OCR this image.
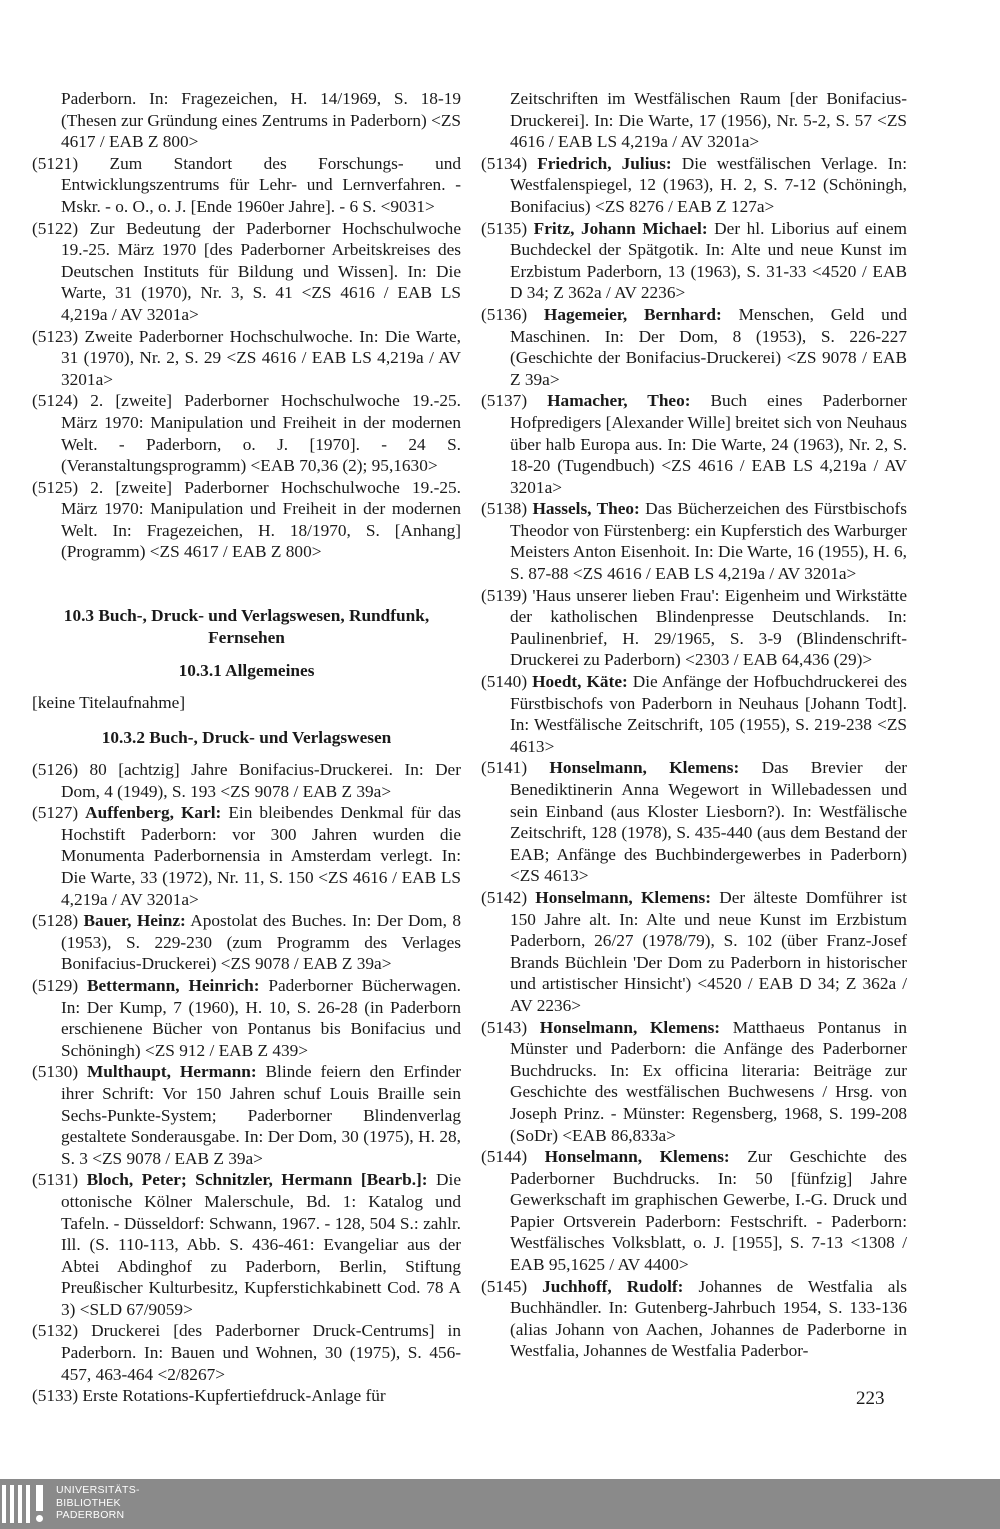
Paderborn. In: Fragezeichen, H. 14/1969, S. 18-19 (Thesen zur Gründung eines Zentrums in Paderborn) <ZS 4617 / EAB Z 800>

(5121) Zum Standort des Forschungs- und Entwicklungszentrums für Lehr- und Lernverfahren. - Mskr. - o. O., o. J. [Ende 1960er Jahre]. - 6 S. <9031>

(5122) Zur Bedeutung der Paderborner Hochschulwoche 19.-25. März 1970 [des Paderborner Arbeitskreises des Deutschen Instituts für Bildung und Wissen]. In: Die Warte, 31 (1970), Nr. 3, S. 41 <ZS 4616 / EAB LS 4,219a / AV 3201a>

(5123) Zweite Paderborner Hochschulwoche. In: Die Warte, 31 (1970), Nr. 2, S. 29 <ZS 4616 / EAB LS 4,219a / AV 3201a>

(5124) 2. [zweite] Paderborner Hochschulwoche 19.-25. März 1970: Manipulation und Freiheit in der modernen Welt. - Paderborn, o. J. [1970]. - 24 S. (Veranstaltungsprogramm) <EAB 70,36 (2); 95,1630>

(5125) 2. [zweite] Paderborner Hochschulwoche 19.-25. März 1970: Manipulation und Freiheit in der modernen Welt. In: Fragezeichen, H. 18/1970, S. [Anhang] (Programm) <ZS 4617 / EAB Z 800>

10.3 Buch-, Druck- und Verlagswesen, Rundfunk, Fernsehen

10.3.1 Allgemeines

[keine Titelaufnahme]

10.3.2 Buch-, Druck- und Verlagswesen

(5126) 80 [achtzig] Jahre Bonifacius-Druckerei. In: Der Dom, 4 (1949), S. 193 <ZS 9078 / EAB Z 39a>

(5127) Auffenberg, Karl: Ein bleibendes Denkmal für das Hochstift Paderborn: vor 300 Jahren wurden die Monumenta Paderbornensia in Amsterdam verlegt. In: Die Warte, 33 (1972), Nr. 11, S. 150 <ZS 4616 / EAB LS 4,219a / AV 3201a>

(5128) Bauer, Heinz: Apostolat des Buches. In: Der Dom, 8 (1953), S. 229-230 (zum Programm des Verlages Bonifacius-Druckerei) <ZS 9078 / EAB Z 39a>

(5129) Bettermann, Heinrich: Paderborner Bücherwagen. In: Der Kump, 7 (1960), H. 10, S. 26-28 (in Paderborn erschienene Bücher von Pontanus bis Bonifacius und Schöningh) <ZS 912 / EAB Z 439>

(5130) Multhaupt, Hermann: Blinde feiern den Erfinder ihrer Schrift: Vor 150 Jahren schuf Louis Braille sein Sechs-Punkte-System; Paderborner Blindenverlag gestaltete Sonderausgabe. In: Der Dom, 30 (1975), H. 28, S. 3 <ZS 9078 / EAB Z 39a>

(5131) Bloch, Peter; Schnitzler, Hermann [Bearb.]: Die ottonische Kölner Malerschule, Bd. 1: Katalog und Tafeln. - Düsseldorf: Schwann, 1967. - 128, 504 S.: zahlr. Ill. (S. 110-113, Abb. S. 436-461: Evangeliar aus der Abtei Abdinghof zu Paderborn, Berlin, Stiftung Preußischer Kulturbesitz, Kupferstichkabinett Cod. 78 A 3) <SLD 67/9059>

(5132) Druckerei [des Paderborner Druck-Centrums] in Paderborn. In: Bauen und Wohnen, 30 (1975), S. 456-457, 463-464 <2/8267>

(5133) Erste Rotations-Kupfertiefdruck-Anlage für

Zeitschriften im Westfälischen Raum [der Bonifacius-Druckerei]. In: Die Warte, 17 (1956), Nr. 5-2, S. 57 <ZS 4616 / EAB LS 4,219a / AV 3201a>

(5134) Friedrich, Julius: Die westfälischen Verlage. In: Westfalenspiegel, 12 (1963), H. 2, S. 7-12 (Schöningh, Bonifacius) <ZS 8276 / EAB Z 127a>

(5135) Fritz, Johann Michael: Der hl. Liborius auf einem Buchdeckel der Spätgotik. In: Alte und neue Kunst im Erzbistum Paderborn, 13 (1963), S. 31-33 <4520 / EAB D 34; Z 362a / AV 2236>

(5136) Hagemeier, Bernhard: Menschen, Geld und Maschinen. In: Der Dom, 8 (1953), S. 226-227 (Geschichte der Bonifacius-Druckerei) <ZS 9078 / EAB Z 39a>

(5137) Hamacher, Theo: Buch eines Paderborner Hofpredigers [Alexander Wille] breitet sich von Neuhaus über halb Europa aus. In: Die Warte, 24 (1963), Nr. 2, S. 18-20 (Tugendbuch) <ZS 4616 / EAB LS 4,219a / AV 3201a>

(5138) Hassels, Theo: Das Bücherzeichen des Fürstbischofs Theodor von Fürstenberg: ein Kupferstich des Warburger Meisters Anton Eisenhoit. In: Die Warte, 16 (1955), H. 6, S. 87-88 <ZS 4616 / EAB LS 4,219a / AV 3201a>

(5139) 'Haus unserer lieben Frau': Eigenheim und Wirkstätte der katholischen Blindenpresse Deutschlands. In: Paulinenbrief, H. 29/1965, S. 3-9 (Blindenschrift-Druckerei zu Paderborn) <2303 / EAB 64,436 (29)>

(5140) Hoedt, Käte: Die Anfänge der Hofbuchdruckerei des Fürstbischofs von Paderborn in Neuhaus [Johann Todt]. In: Westfälische Zeitschrift, 105 (1955), S. 219-238 <ZS 4613>

(5141) Honselmann, Klemens: Das Brevier der Benediktinerin Anna Wegewort in Willebadessen und sein Einband (aus Kloster Liesborn?). In: Westfälische Zeitschrift, 128 (1978), S. 435-440 (aus dem Bestand der EAB; Anfänge des Buchbindergewerbes in Paderborn) <ZS 4613>

(5142) Honselmann, Klemens: Der älteste Domführer ist 150 Jahre alt. In: Alte und neue Kunst im Erzbistum Paderborn, 26/27 (1978/79), S. 102 (über Franz-Josef Brands Büchlein 'Der Dom zu Paderborn in historischer und artistischer Hinsicht') <4520 / EAB D 34; Z 362a / AV 2236>

(5143) Honselmann, Klemens: Matthaeus Pontanus in Münster und Paderborn: die Anfänge des Paderborner Buchdrucks. In: Ex officina literaria: Beiträge zur Geschichte des westfälischen Buchwesens / Hrsg. von Joseph Prinz. - Münster: Regensberg, 1968, S. 199-208 (SoDr) <EAB 86,833a>

(5144) Honselmann, Klemens: Zur Geschichte des Paderborner Buchdrucks. In: 50 [fünfzig] Jahre Gewerkschaft im graphischen Gewerbe, I.-G. Druck und Papier Ortsverein Paderborn: Festschrift. - Paderborn: Westfälisches Volksblatt, o. J. [1955], S. 7-13 <1308 / EAB 95,1625 / AV 4400>

(5145) Juchhoff, Rudolf: Johannes de Westfalia als Buchhändler. In: Gutenberg-Jahrbuch 1954, S. 133-136 (alias Johann von Aachen, Johannes de Paderborne in Westfalia, Johannes de Westfalia Paderbor-

223
UNIVERSITÄTS-
BIBLIOTHEK
PADERBORN
